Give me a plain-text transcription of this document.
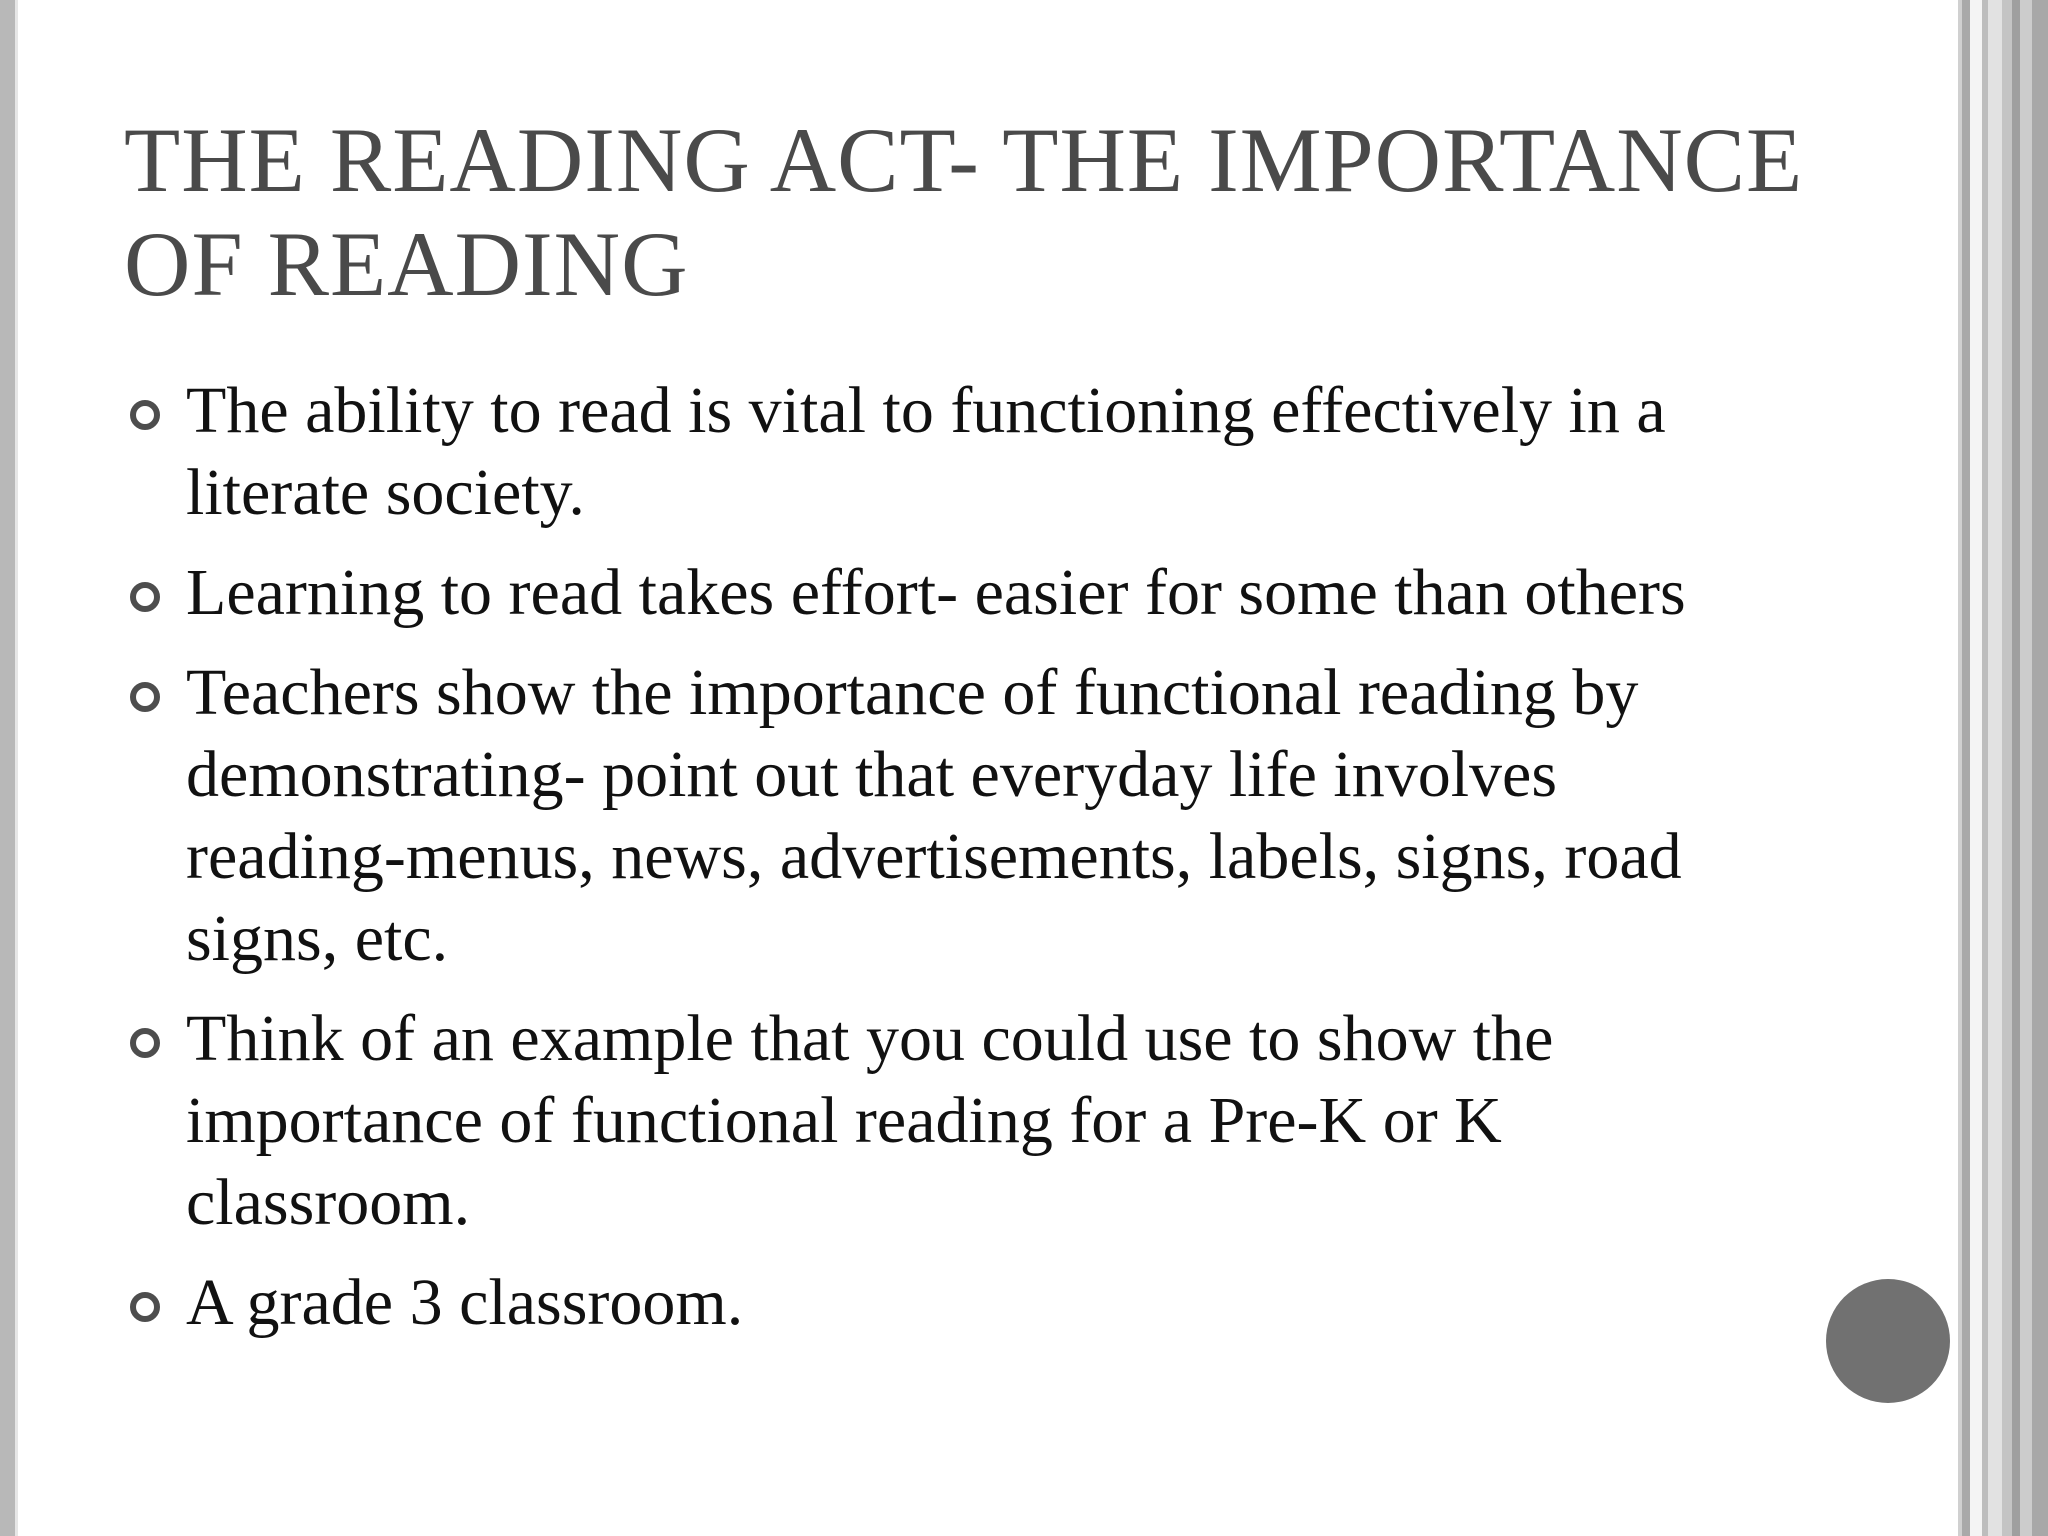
THE READING ACT- THE IMPORTANCE OF READING
The ability to read is vital to functioning effectively in a literate society.
Learning to read takes effort- easier for some than others
Teachers show the importance of functional reading by demonstrating- point out that everyday life involves reading-menus, news, advertisements, labels, signs, road signs, etc.
Think of an example that you could use to show the importance of functional reading for a Pre-K or K classroom.
A grade 3 classroom.
